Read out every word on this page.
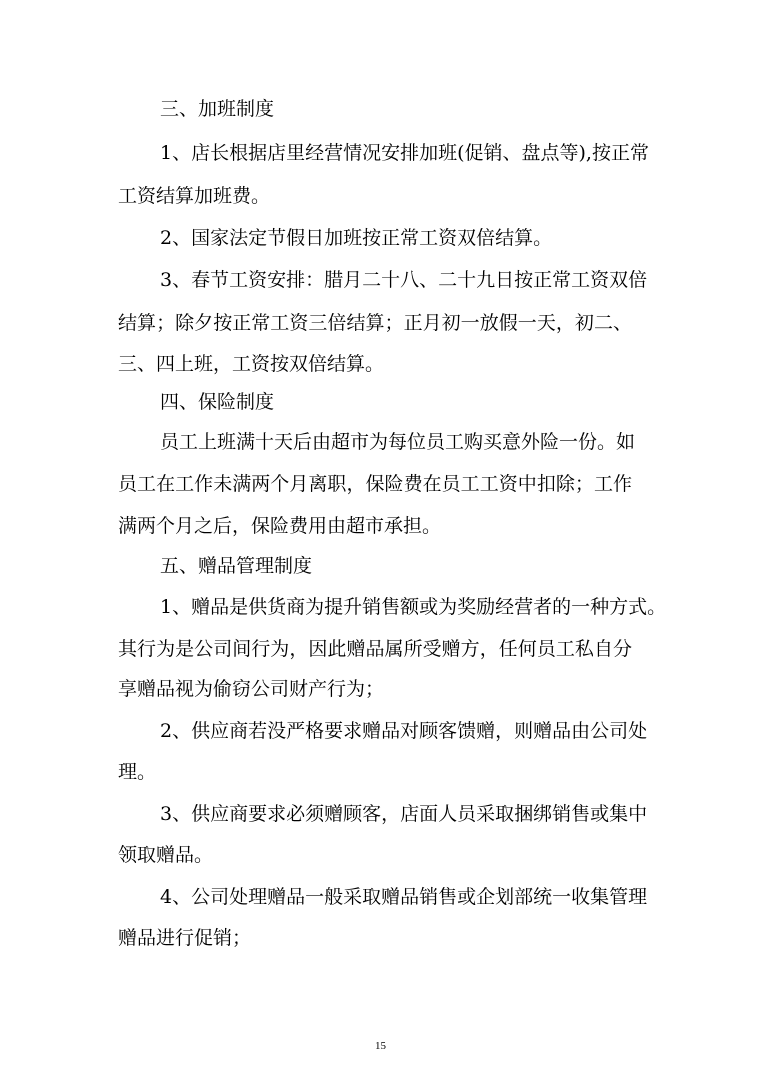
三、加班制度
1、店长根据店里经营情况安排加班(促销、盘点等),按正常
工资结算加班费。
2、国家法定节假日加班按正常工资双倍结算。
3、春节工资安排：腊月二十八、二十九日按正常工资双倍
结算；除夕按正常工资三倍结算；正月初一放假一天，初二、
三、四上班，工资按双倍结算。
四、保险制度
员工上班满十天后由超市为每位员工购买意外险一份。如
员工在工作未满两个月离职，保险费在员工工资中扣除；工作
满两个月之后，保险费用由超市承担。
五、赠品管理制度
1、赠品是供货商为提升销售额或为奖励经营者的一种方式。
其行为是公司间行为，因此赠品属所受赠方，任何员工私自分
享赠品视为偷窃公司财产行为；
2、供应商若没严格要求赠品对顾客馈赠，则赠品由公司处
理。
3、供应商要求必须赠顾客，店面人员采取捆绑销售或集中
领取赠品。
4、公司处理赠品一般采取赠品销售或企划部统一收集管理
赠品进行促销；
15
